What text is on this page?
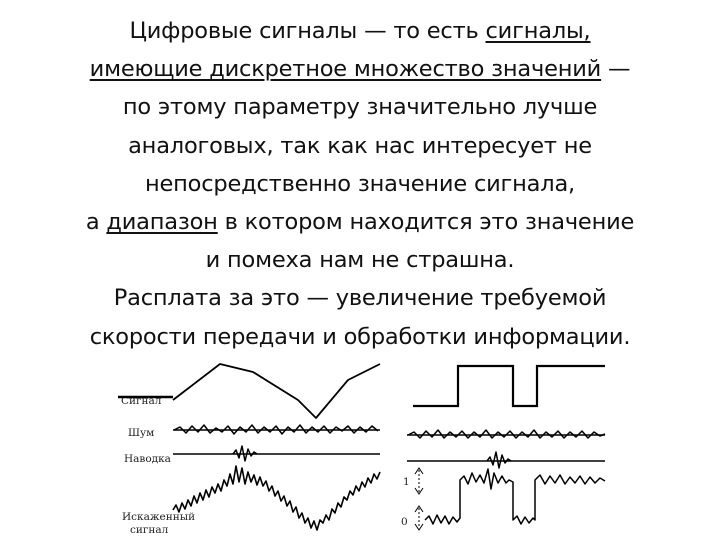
Цифровые сигналы — то есть сигналы,
имеющие дискретное множество значений —
по этому параметру значительно лучше
аналоговых, так как нас интересует не
непосредственно значение сигнала,
а диапазон в котором находится это значение
и помеха нам не страшна.
Расплата за это — увеличение требуемой
скорости передачи и обработки информации.
Сигнал
Шум
Наводка
Искаженный
сигнал
1
0
